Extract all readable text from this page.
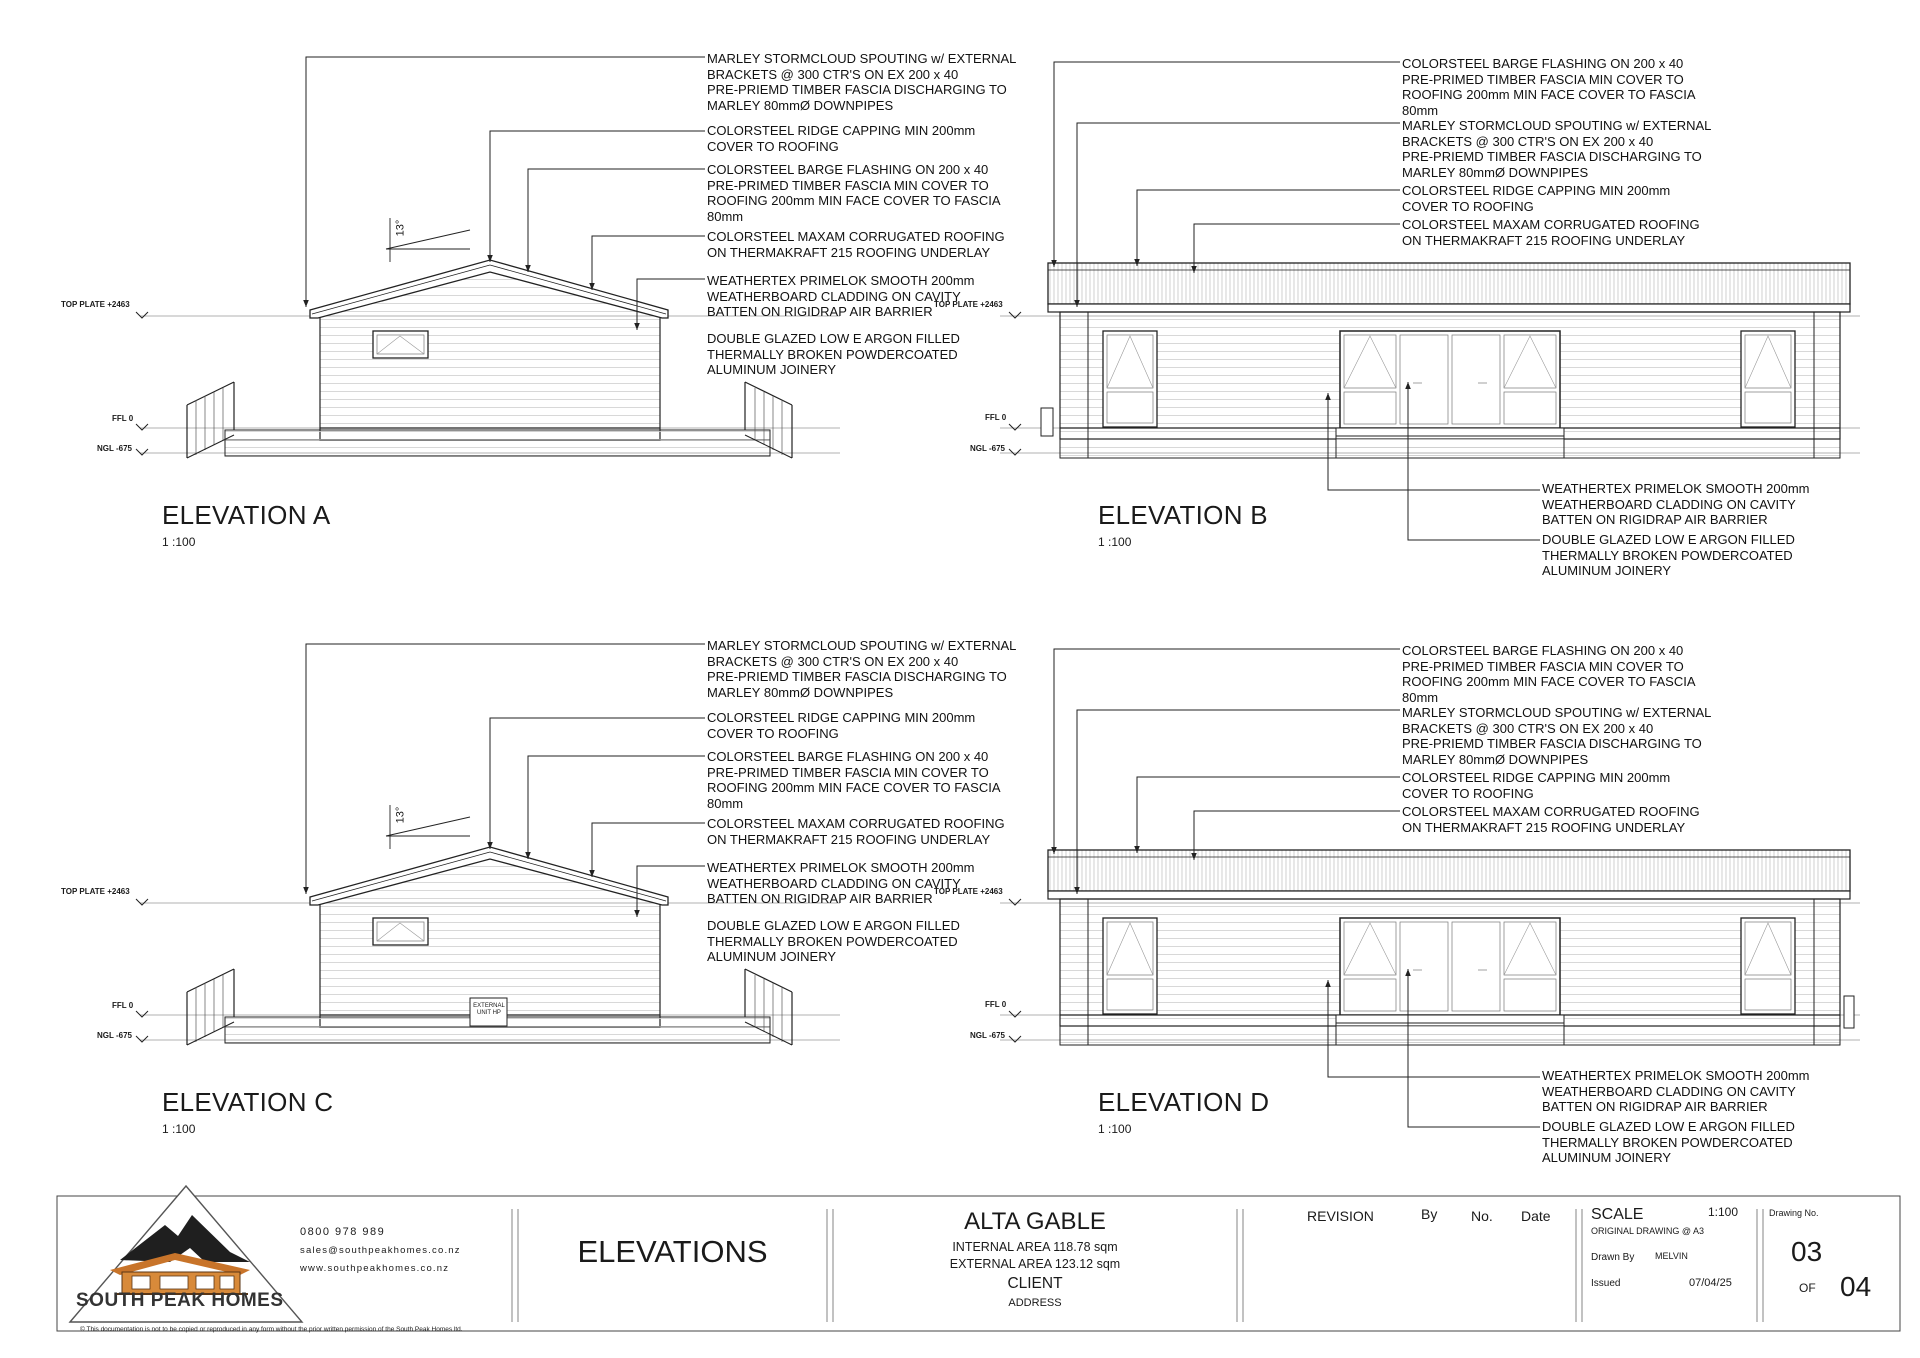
TOP PLATE +2463
FFL 0
NGL -675
TOP PLATE +2463
FFL 0
NGL -675
TOP PLATE +2463
FFL 0
NGL -675
TOP PLATE +2463
FFL 0
NGL -675
13°
13°
EXTERNAL
UNIT HP
MARLEY STORMCLOUD SPOUTING w/ EXTERNAL
BRACKETS @ 300 CTR'S ON EX 200 x 40
PRE-PRIEMD TIMBER FASCIA DISCHARGING TO
MARLEY 80mmØ DOWNPIPES
COLORSTEEL RIDGE CAPPING MIN 200mm
COVER TO ROOFING
COLORSTEEL BARGE FLASHING ON 200 x 40
PRE-PRIMED TIMBER FASCIA MIN COVER TO
ROOFING 200mm MIN FACE COVER TO FASCIA
80mm
COLORSTEEL MAXAM CORRUGATED ROOFING
ON THERMAKRAFT 215 ROOFING UNDERLAY
WEATHERTEX PRIMELOK SMOOTH 200mm
WEATHERBOARD CLADDING ON CAVITY
BATTEN ON RIGIDRAP AIR BARRIER
DOUBLE GLAZED LOW E ARGON FILLED
THERMALLY BROKEN POWDERCOATED
ALUMINUM JOINERY
COLORSTEEL BARGE FLASHING ON 200 x 40
PRE-PRIMED TIMBER FASCIA MIN COVER TO
ROOFING 200mm MIN FACE COVER TO FASCIA
80mm
MARLEY STORMCLOUD SPOUTING w/ EXTERNAL
BRACKETS @ 300 CTR'S ON EX 200 x 40
PRE-PRIEMD TIMBER FASCIA DISCHARGING TO
MARLEY 80mmØ DOWNPIPES
COLORSTEEL RIDGE CAPPING MIN 200mm
COVER TO ROOFING
COLORSTEEL MAXAM CORRUGATED ROOFING
ON THERMAKRAFT 215 ROOFING UNDERLAY
WEATHERTEX PRIMELOK SMOOTH 200mm
WEATHERBOARD CLADDING ON CAVITY
BATTEN ON RIGIDRAP AIR BARRIER
DOUBLE GLAZED LOW E ARGON FILLED
THERMALLY BROKEN POWDERCOATED
ALUMINUM JOINERY
MARLEY STORMCLOUD SPOUTING w/ EXTERNAL
BRACKETS @ 300 CTR'S ON EX 200 x 40
PRE-PRIEMD TIMBER FASCIA DISCHARGING TO
MARLEY 80mmØ DOWNPIPES
COLORSTEEL RIDGE CAPPING MIN 200mm
COVER TO ROOFING
COLORSTEEL BARGE FLASHING ON 200 x 40
PRE-PRIMED TIMBER FASCIA MIN COVER TO
ROOFING 200mm MIN FACE COVER TO FASCIA
80mm
COLORSTEEL MAXAM CORRUGATED ROOFING
ON THERMAKRAFT 215 ROOFING UNDERLAY
WEATHERTEX PRIMELOK SMOOTH 200mm
WEATHERBOARD CLADDING ON CAVITY
BATTEN ON RIGIDRAP AIR BARRIER
DOUBLE GLAZED LOW E ARGON FILLED
THERMALLY BROKEN POWDERCOATED
ALUMINUM JOINERY
COLORSTEEL BARGE FLASHING ON 200 x 40
PRE-PRIMED TIMBER FASCIA MIN COVER TO
ROOFING 200mm MIN FACE COVER TO FASCIA
80mm
MARLEY STORMCLOUD SPOUTING w/ EXTERNAL
BRACKETS @ 300 CTR'S ON EX 200 x 40
PRE-PRIEMD TIMBER FASCIA DISCHARGING TO
MARLEY 80mmØ DOWNPIPES
COLORSTEEL RIDGE CAPPING MIN 200mm
COVER TO ROOFING
COLORSTEEL MAXAM CORRUGATED ROOFING
ON THERMAKRAFT 215 ROOFING UNDERLAY
WEATHERTEX PRIMELOK SMOOTH 200mm
WEATHERBOARD CLADDING ON CAVITY
BATTEN ON RIGIDRAP AIR BARRIER
DOUBLE GLAZED LOW E ARGON FILLED
THERMALLY BROKEN POWDERCOATED
ALUMINUM JOINERY
ELEVATION A
1 :100
ELEVATION B
1 :100
ELEVATION C
1 :100
ELEVATION D
1 :100
SOUTH PEAK HOMES
0800 978 989
sales@southpeakhomes.co.nz
www.southpeakhomes.co.nz	ELEVATIONS
ALTA GABLE
INTERNAL AREA 118.78 sqm
EXTERNAL AREA 123.12 sqm
CLIENT
ADDRESS
REVISION	By No. Date	SCALE	1:100
ORIGINAL DRAWING @ A3
Drawn By MELVIN
Issued	07/04/25
Drawing No.
03
OF 04
© This documentation is not to be copied or reproduced in any form without the prior written permission of the South Peak Homes ltd.
